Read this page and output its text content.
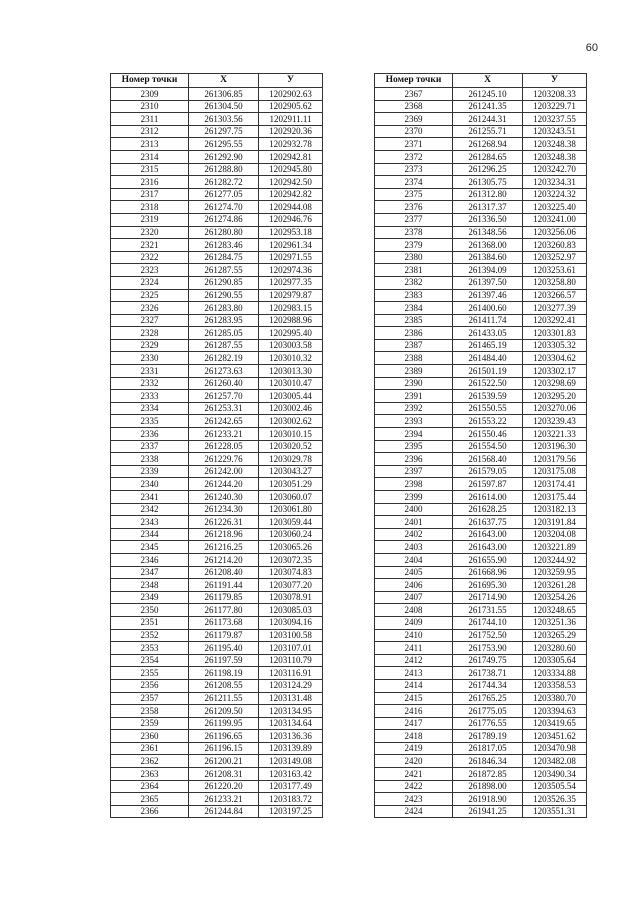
60
Номер точки	Х	У
2309	261306.85	1202902.63
2310	261304.50	1202905.62
2311	261303.56	1202911.11
2312	261297.75	1202920.36
2313	261295.55	1202932.78
2314	261292.90	1202942.81
2315	261288.80	1202945.80
2316	261282.72	1202942.50
2317	261277.05	1202942.82
2318	261274.70	1202944.08
2319	261274.86	1202946.76
2320	261280.80	1202953.18
2321	261283.46	1202961.34
2322	261284.75	1202971.55
2323	261287.55	1202974.36
2324	261290.85	1202977.35
2325	261290.55	1202979.87
2326	261283.80	1202983.15
2327	261283.95	1202988.96
2328	261285.05	1202995.40
2329	261287.55	1203003.58
2330	261282.19	1203010.32
2331	261273.63	1203013.30
2332	261260.40	1203010.47
2333	261257.70	1203005.44
2334	261253.31	1203002.46
2335	261242.65	1203002.62
2336	261233.21	1203010.15
2337	261228.05	1203020.52
2338	261229.76	1203029.78
2339	261242.00	1203043.27
2340	261244.20	1203051.29
2341	261240.30	1203060.07
2342	261234.30	1203061.80
2343	261226.31	1203059.44
2344	261218.96	1203060.24
2345	261216.25	1203065.26
2346	261214.20	1203072.35
2347	261208.40	1203074.83
2348	261191.44	1203077.20
2349	261179.85	1203078.91
2350	261177.80	1203085.03
2351	261173.68	1203094.16
2352	261179.87	1203100.58
2353	261195.40	1203107.01
2354	261197.59	1203110.79
2355	261198.19	1203116.91
2356	261208.55	1203124.29
2357	261211.55	1203131.48
2358	261209.50	1203134.95
2359	261199.95	1203134.64
2360	261196.65	1203136.36
2361	261196.15	1203139.89
2362	261200.21	1203149.08
2363	261208.31	1203163.42
2364	261220.20	1203177.49
2365	261233.21	1203183.72
2366	261244.84	1203197.25
Номер точки	Х	У
2367	261245.10	1203208.33
2368	261241.35	1203229.71
2369	261244.31	1203237.55
2370	261255.71	1203243.51
2371	261268.94	1203248.38
2372	261284.65	1203248.38
2373	261296.25	1203242.70
2374	261305.75	1203234.31
2375	261312.80	1203224.32
2376	261317.37	1203225.40
2377	261336.50	1203241.00
2378	261348.56	1203256.06
2379	261368.00	1203260.83
2380	261384.60	1203252.97
2381	261394.09	1203253.61
2382	261397.50	1203258.80
2383	261397.46	1203266.57
2384	261400.60	1203277.39
2385	261411.74	1203292.41
2386	261433.05	1203301.83
2387	261465.19	1203305.32
2388	261484.40	1203304.62
2389	261501.19	1203302.17
2390	261522.50	1203298.69
2391	261539.59	1203295.20
2392	261550.55	1203270.06
2393	261553.22	1203239.43
2394	261550.46	1203221.33
2395	261554.50	1203196.30
2396	261568.40	1203179.56
2397	261579.05	1203175.08
2398	261597.87	1203174.41
2399	261614.00	1203175.44
2400	261628.25	1203182.13
2401	261637.75	1203191.84
2402	261643.00	1203204.08
2403	261643.00	1203221.89
2404	261655.90	1203244.92
2405	261668.96	1203259.95
2406	261695.30	1203261.28
2407	261714.90	1203254.26
2408	261731.55	1203248.65
2409	261744.10	1203251.36
2410	261752.50	1203265.29
2411	261753.90	1203280.60
2412	261749.75	1203305.64
2413	261738.71	1203334.88
2414	261744.34	1203358.53
2415	261765.25	1203380.70
2416	261775.05	1203394.63
2417	261776.55	1203419.65
2418	261789.19	1203451.62
2419	261817.05	1203470.98
2420	261846.34	1203482.08
2421	261872.85	1203490.34
2422	261898.00	1203505.54
2423	261918.90	1203526.35
2424	261941.25	1203551.31
